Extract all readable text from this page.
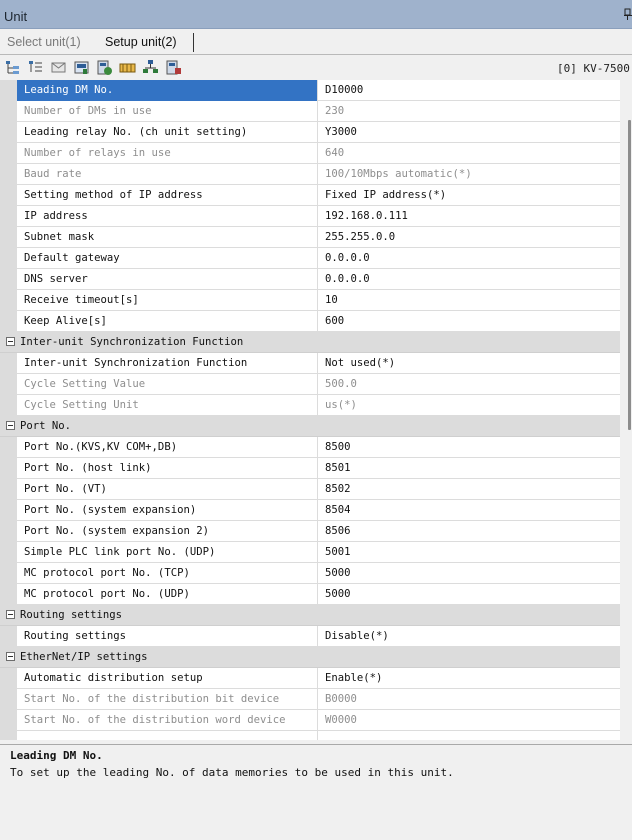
Unit
Select unit(1) Setup unit(2)
[0] KV-7500
Leading DM No.	D10000
Number of DMs in use	230
Leading relay No. (ch unit setting)	Y3000
Number of relays in use	640
Baud rate	100/10Mbps automatic(*)
Setting method of IP address	Fixed IP address(*)
IP address	192.168.0.111
Subnet mask	255.255.0.0
Default gateway	0.0.0.0
DNS server	0.0.0.0
Receive timeout[s]	10
Keep Alive[s]	600
Inter-unit Synchronization Function
Inter-unit Synchronization Function	Not used(*)
Cycle Setting Value	500.0
Cycle Setting Unit	us(*)
Port No.
Port No.(KVS,KV COM+,DB)	8500
Port No. (host link)	8501
Port No. (VT)	8502
Port No. (system expansion)	8504
Port No. (system expansion 2)	8506
Simple PLC link port No. (UDP)	5001
MC protocol port No. (TCP)	5000
MC protocol port No. (UDP)	5000
Routing settings
Routing settings	Disable(*)
EtherNet/IP settings
Automatic distribution setup	Enable(*)
Start No. of the distribution bit device	B0000
Start No. of the distribution word device	W0000
Leading DM No.
To set up the leading No. of data memories to be used in this unit.
